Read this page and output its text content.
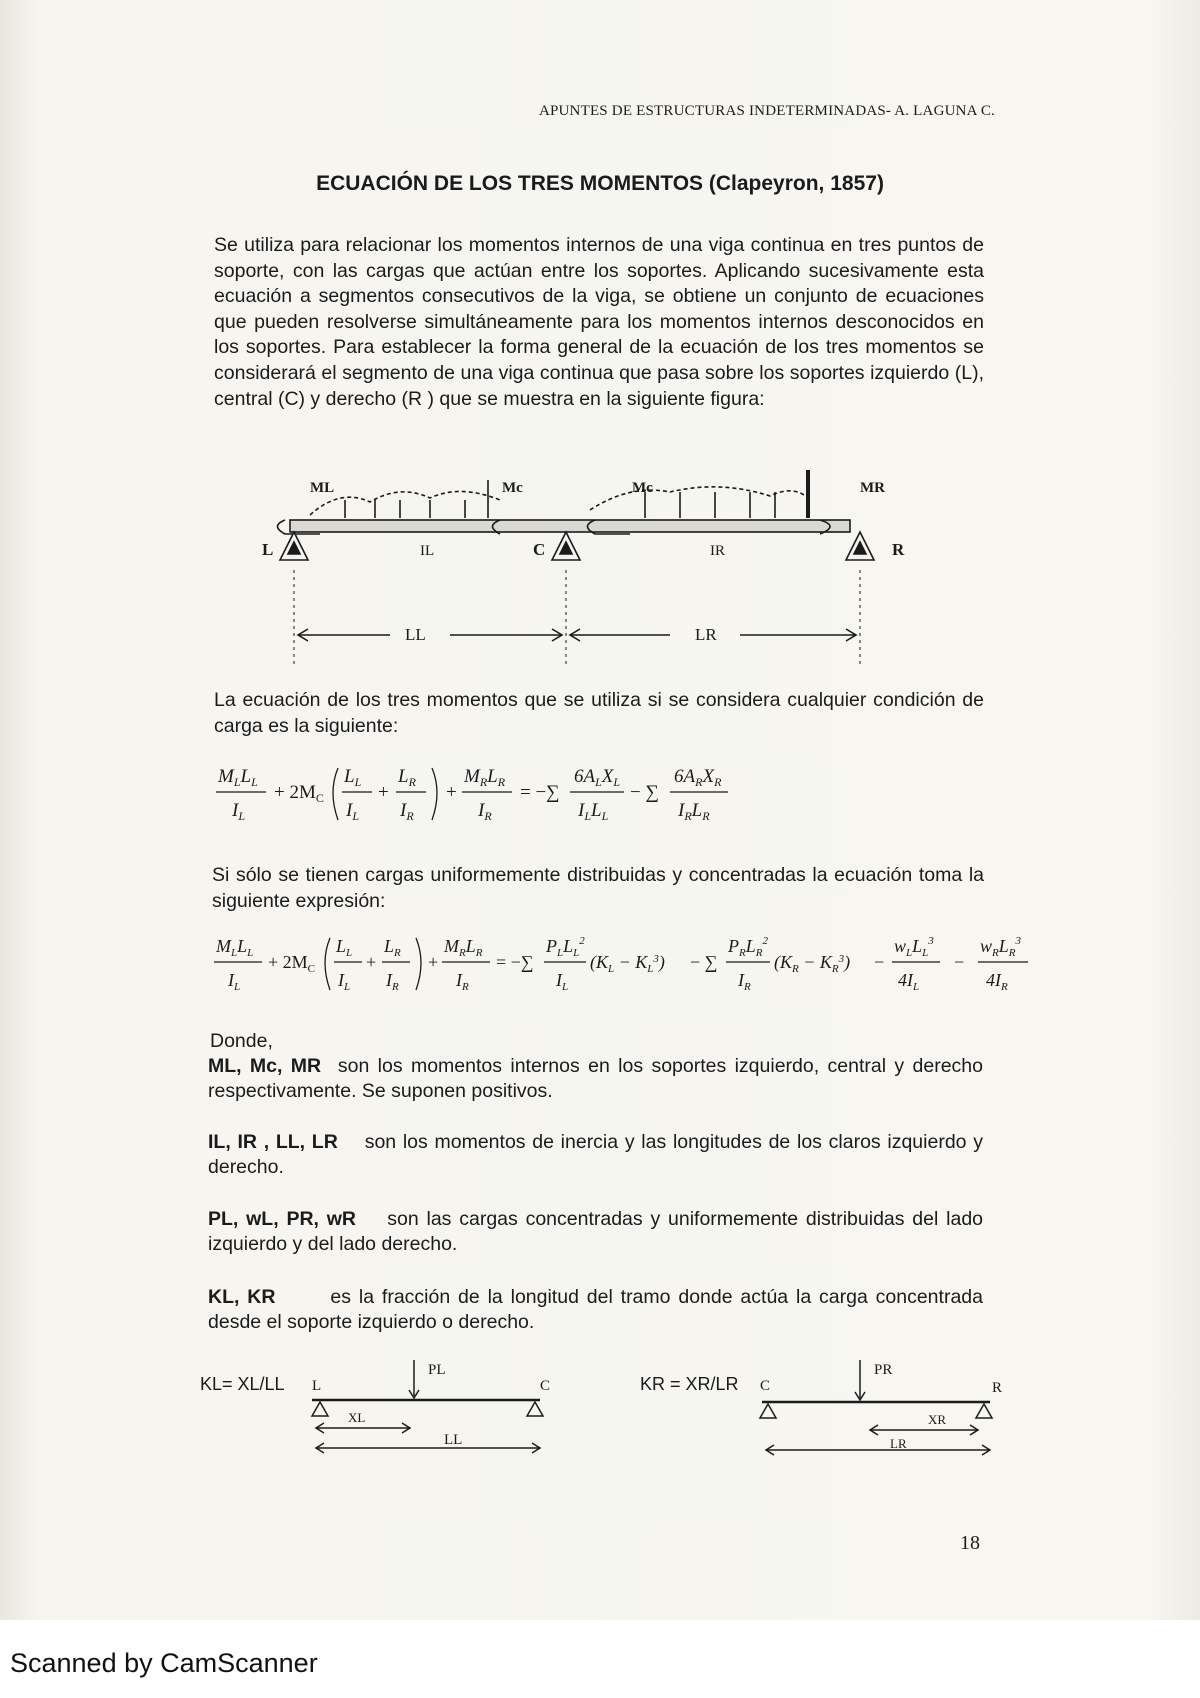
APUNTES DE ESTRUCTURAS INDETERMINADAS- A. LAGUNA C.
ECUACIÓN DE LOS TRES MOMENTOS (Clapeyron, 1857)
Se utiliza para relacionar los momentos internos de una viga continua en tres puntos de soporte, con las cargas que actúan entre los soportes. Aplicando sucesivamente esta ecuación a segmentos consecutivos de la viga, se obtiene un conjunto de ecuaciones que pueden resolverse simultáneamente para los momentos internos desconocidos en los soportes. Para establecer la forma general de la ecuación de los tres momentos se considerará el segmento de una viga continua que pasa sobre los soportes izquierdo (L), central (C) y derecho (R ) que se muestra en la siguiente figura:
ML	Mc	Mc	MR
L	C	R
IL	IR
LL	LR
La ecuación de los tres momentos que se utiliza si se considera cualquier condición de carga es la siguiente:
$M_LL_L$
$I_L$
+ $2M_C$
$L_L$
$I_L$
+
$L_R$
$I_R$
+
$M_RL_R$
$I_R$
= −∑
$6A_LX_L$
$I_LL_L$
− ∑
$6A_RX_R$
$I_RL_R$
Si sólo se tienen cargas uniformemente distribuidas y concentradas la ecuación toma la siguiente expresión:
$M_LL_L$
$I_L$
+ $2M_C$
$L_L$
$I_L$
+
$L_R$
$I_R$
+
$M_RL_R$
$I_R$
= −∑
$P_LL_L^2$
$I_L$
$(K_L - K_L^3)$ − ∑
$P_RL_R^2$
$I_R$
$(K_R - K_R^3)$ −
$w_LL_L^3$
$4I_L$
−
$w_RL_R^3$
$4I_R$
Donde,
ML, Mc, MR son los momentos internos en los soportes izquierdo, central y derecho respectivamente. Se suponen positivos.
IL, IR , LL, LR son los momentos de inercia y las longitudes de los claros izquierdo y derecho.
PL, wL, PR, wR son las cargas concentradas y uniformemente distribuidas del lado izquierdo y del lado derecho.
KL, KR	es la fracción de la longitud del tramo donde actúa la carga concentrada desde el soporte izquierdo o derecho.
KL= XL/LL
PL
L	C
XL
LL
KR = XR/LR
PR
C	R
XR
LR
18
Scanned by CamScanner
